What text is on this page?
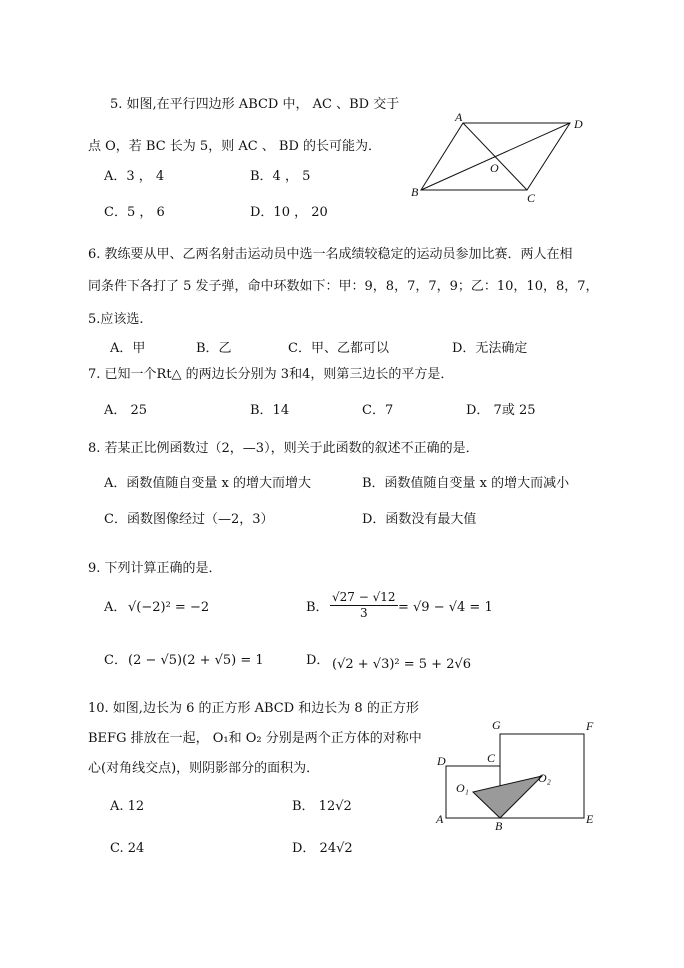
5. 如图,在平行四边形 ABCD 中， AC 、BD 交于
点 O，若 BC 长为 5，则 AC 、 BD 的长可能为．
A．3 ， 4	B．4 ， 5
C．5 ， 6	D．10 ， 20
A	D
B	C
O
6. 教练要从甲、乙两名射击运动员中选一名成绩较稳定的运动员参加比赛．两人在相
同条件下各打了 5 发子弹，命中环数如下：甲：9，8，7，7，9；乙：10，10，8，7，
5.应该选.
A．甲	B．乙	C．甲、乙都可以	D．无法确定
7. 已知一个Rt△ 的两边长分别为 3和4，则第三边长的平方是．
A． 25	B．14	C．7	D． 7或 25
8. 若某正比例函数过（2，—3），则关于此函数的叙述不正确的是．
A．函数值随自变量 x 的增大而增大	B．函数值随自变量 x 的增大而减小
C．函数图像经过（—2，3）	D．函数没有最大值
9. 下列计算正确的是．
A． √(−2)² = −2	B． $\frac{√27 - √12}{3} = √9 - √4 = 1$
C． (2 − √5)(2 + √5) = 1	D． (√2 + √3)² = 5 + 2√6
10. 如图,边长为 6 的正方形 ABCD 和边长为 8 的正方形
BEFG 排放在一起， O₁和 O₂ 分别是两个正方体的对称中
心(对角线交点)，则阴影部分的面积为．
A. 12	B． 12√2
C. 24	D． 24√2
G	F
D	C
O₁
O₂
A	B	E
